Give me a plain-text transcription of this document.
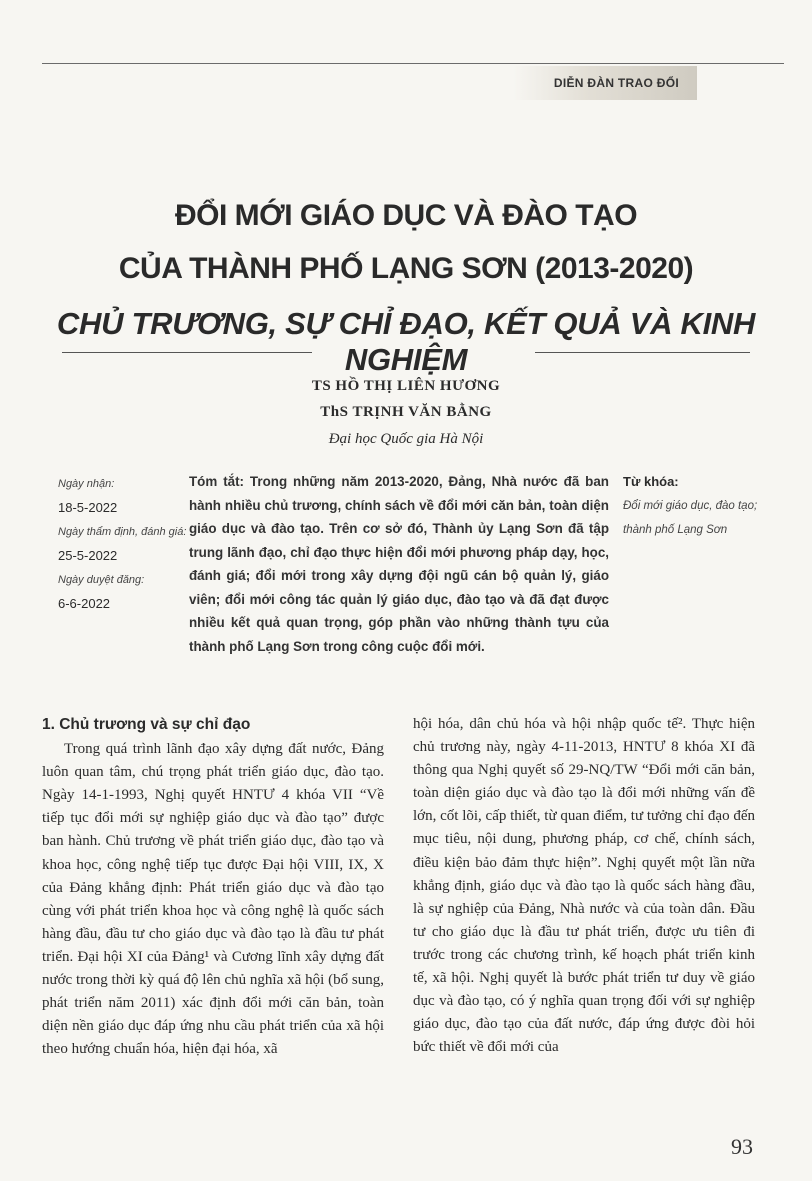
DIỄN ĐÀN TRAO ĐỔI
ĐỔI MỚI GIÁO DỤC VÀ ĐÀO TẠO
CỦA THÀNH PHỐ LẠNG SƠN (2013-2020)
CHỦ TRƯƠNG, SỰ CHỈ ĐẠO, KẾT QUẢ VÀ KINH NGHIỆM
TS HỒ THỊ LIÊN HƯƠNG
ThS TRỊNH VĂN BẰNG
Đại học Quốc gia Hà Nội
Ngày nhận:
18-5-2022
Ngày thẩm định, đánh giá:
25-5-2022
Ngày duyệt đăng:
6-6-2022
Tóm tắt: Trong những năm 2013-2020, Đảng, Nhà nước đã ban hành nhiều chủ trương, chính sách về đổi mới căn bản, toàn diện giáo dục và đào tạo. Trên cơ sở đó, Thành ủy Lạng Sơn đã tập trung lãnh đạo, chỉ đạo thực hiện đổi mới phương pháp dạy, học, đánh giá; đổi mới trong xây dựng đội ngũ cán bộ quản lý, giáo viên; đổi mới công tác quản lý giáo dục, đào tạo và đã đạt được nhiều kết quả quan trọng, góp phần vào những thành tựu của thành phố Lạng Sơn trong công cuộc đổi mới.
Từ khóa:
Đổi mới giáo dục, đào tạo; thành phố Lạng Sơn
1. Chủ trương và sự chỉ đạo

Trong quá trình lãnh đạo xây dựng đất nước, Đảng luôn quan tâm, chú trọng phát triển giáo dục, đào tạo. Ngày 14-1-1993, Nghị quyết HNTƯ 4 khóa VII “Về tiếp tục đổi mới sự nghiệp giáo dục và đào tạo” được ban hành. Chủ trương về phát triển giáo dục, đào tạo và khoa học, công nghệ tiếp tục được Đại hội VIII, IX, X của Đảng khẳng định: Phát triển giáo dục và đào tạo cùng với phát triển khoa học và công nghệ là quốc sách hàng đầu, đầu tư cho giáo dục và đào tạo là đầu tư phát triển. Đại hội XI của Đảng¹ và Cương lĩnh xây dựng đất nước trong thời kỳ quá độ lên chủ nghĩa xã hội (bổ sung, phát triển năm 2011) xác định đổi mới căn bản, toàn diện nền giáo dục đáp ứng nhu cầu phát triển của xã hội theo hướng chuẩn hóa, hiện đại hóa, xã

hội hóa, dân chủ hóa và hội nhập quốc tế². Thực hiện chủ trương này, ngày 4-11-2013, HNTƯ 8 khóa XI đã thông qua Nghị quyết số 29-NQ/TW “Đổi mới căn bản, toàn diện giáo dục và đào tạo là đổi mới những vấn đề lớn, cốt lõi, cấp thiết, từ quan điểm, tư tưởng chỉ đạo đến mục tiêu, nội dung, phương pháp, cơ chế, chính sách, điều kiện bảo đảm thực hiện”. Nghị quyết một lần nữa khẳng định, giáo dục và đào tạo là quốc sách hàng đầu, là sự nghiệp của Đảng, Nhà nước và của toàn dân. Đầu tư cho giáo dục là đầu tư phát triển, được ưu tiên đi trước trong các chương trình, kế hoạch phát triển kinh tế, xã hội. Nghị quyết là bước phát triển tư duy về giáo dục và đào tạo, có ý nghĩa quan trọng đối với sự nghiệp giáo dục, đào tạo của đất nước, đáp ứng được đòi hỏi bức thiết về đổi mới của

93
